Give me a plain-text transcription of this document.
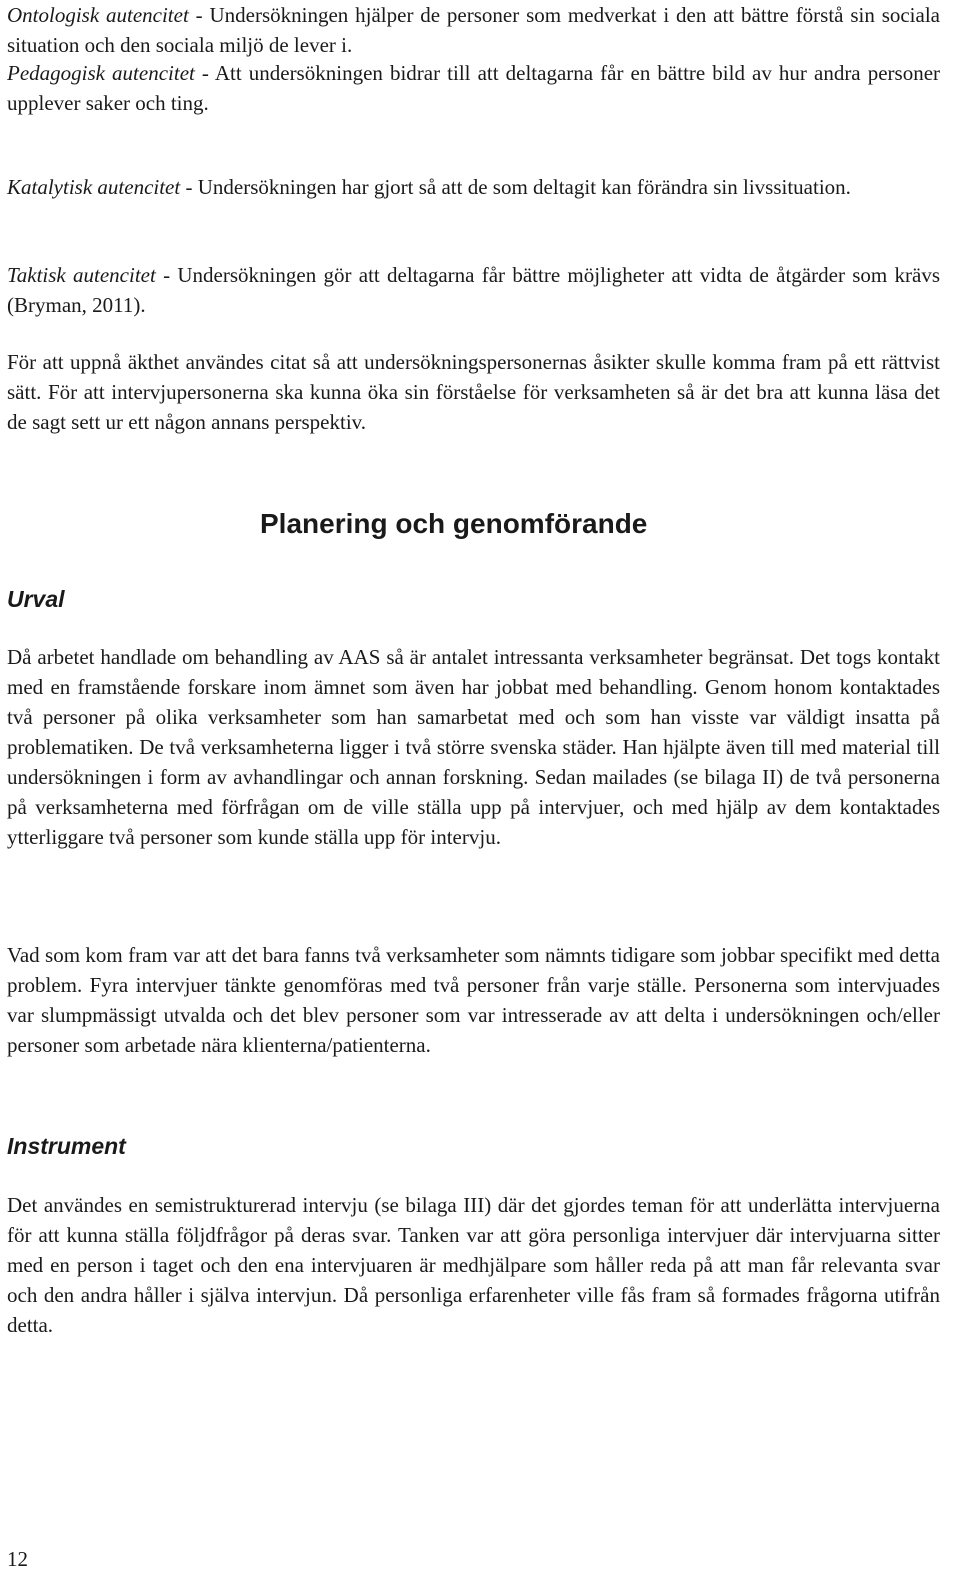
Ontologisk autencitet - Undersökningen hjälper de personer som medverkat i den att bättre förstå sin sociala situation och den sociala miljö de lever i.

Pedagogisk autencitet - Att undersökningen bidrar till att deltagarna får en bättre bild av hur andra personer upplever saker och ting.

Katalytisk autencitet - Undersökningen har gjort så att de som deltagit kan förändra sin livssituation.

Taktisk autencitet - Undersökningen gör att deltagarna får bättre möjligheter att vidta de åtgärder som krävs (Bryman, 2011).

För att uppnå äkthet användes citat så att undersökningspersonernas åsikter skulle komma fram på ett rättvist sätt. För att intervjupersonerna ska kunna öka sin förståelse för verksamheten så är det bra att kunna läsa det de sagt sett ur ett någon annans perspektiv.

Då arbetet handlade om behandling av AAS så är antalet intressanta verksamheter begränsat. Det togs kontakt med en framstående forskare inom ämnet som även har jobbat med behandling. Genom honom kontaktades två personer på olika verksamheter som han samarbetat med och som han visste var väldigt insatta på problematiken. De två verksamheterna ligger i två större svenska städer. Han hjälpte även till med material till undersökningen i form av avhandlingar och annan forskning. Sedan mailades (se bilaga II) de två personerna på verksamheterna med förfrågan om de ville ställa upp på intervjuer, och med hjälp av dem kontaktades ytterliggare två personer som kunde ställa upp för intervju.

Vad som kom fram var att det bara fanns två verksamheter som nämnts tidigare som jobbar specifikt med detta problem. Fyra intervjuer tänkte genomföras med två personer från varje ställe. Personerna som intervjuades var slumpmässigt utvalda och det blev personer som var intresserade av att delta i undersökningen och/eller personer som arbetade nära klienterna/patienterna.

Det användes en semistrukturerad intervju (se bilaga III) där det gjordes teman för att underlätta intervjuerna för att kunna ställa följdfrågor på deras svar. Tanken var att göra personliga intervjuer där intervjuarna sitter med en person i taget och den ena intervjuaren är medhjälpare som håller reda på att man får relevanta svar och den andra håller i själva intervjun. Då personliga erfarenheter ville fås fram så formades frågorna utifrån detta.

Planering och genomförande
Urval
Instrument
12
